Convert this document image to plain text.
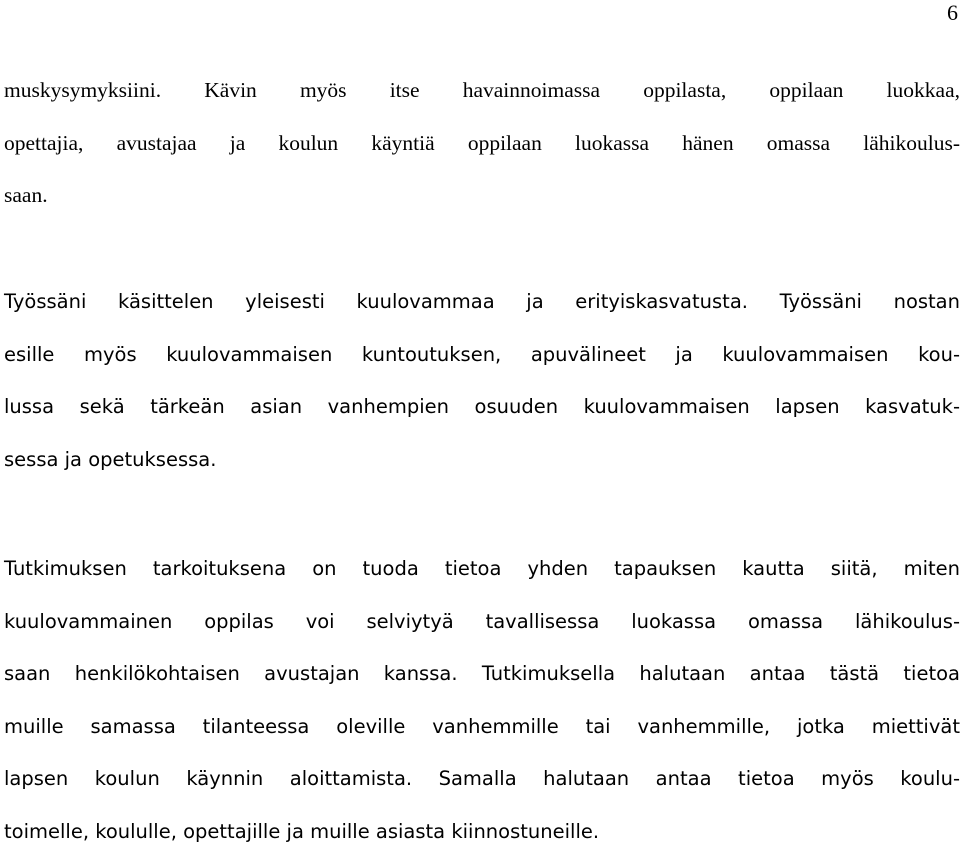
6

muskysymyksiini. Kävin myös itse havainnoimassa oppilasta, oppilaan luokkaa,
opettajia, avustajaa ja koulun käyntiä oppilaan luokassa hänen omassa lähikoulus-
saan.

Työssäni käsittelen yleisesti kuulovammaa ja erityiskasvatusta. Työssäni nostan
esille myös kuulovammaisen kuntoutuksen, apuvälineet ja kuulovammaisen kou-
lussa sekä tärkeän asian vanhempien osuuden kuulovammaisen lapsen kasvatuk-
sessa ja opetuksessa.

Tutkimuksen tarkoituksena on tuoda tietoa yhden tapauksen kautta siitä, miten
kuulovammainen oppilas voi selviytyä tavallisessa luokassa omassa lähikoulus-
saan henkilökohtaisen avustajan kanssa. Tutkimuksella halutaan antaa tästä tietoa
muille samassa tilanteessa oleville vanhemmille tai vanhemmille, jotka miettivät
lapsen koulun käynnin aloittamista. Samalla halutaan antaa tietoa myös koulu-
toimelle, koululle, opettajille ja muille asiasta kiinnostuneille.
